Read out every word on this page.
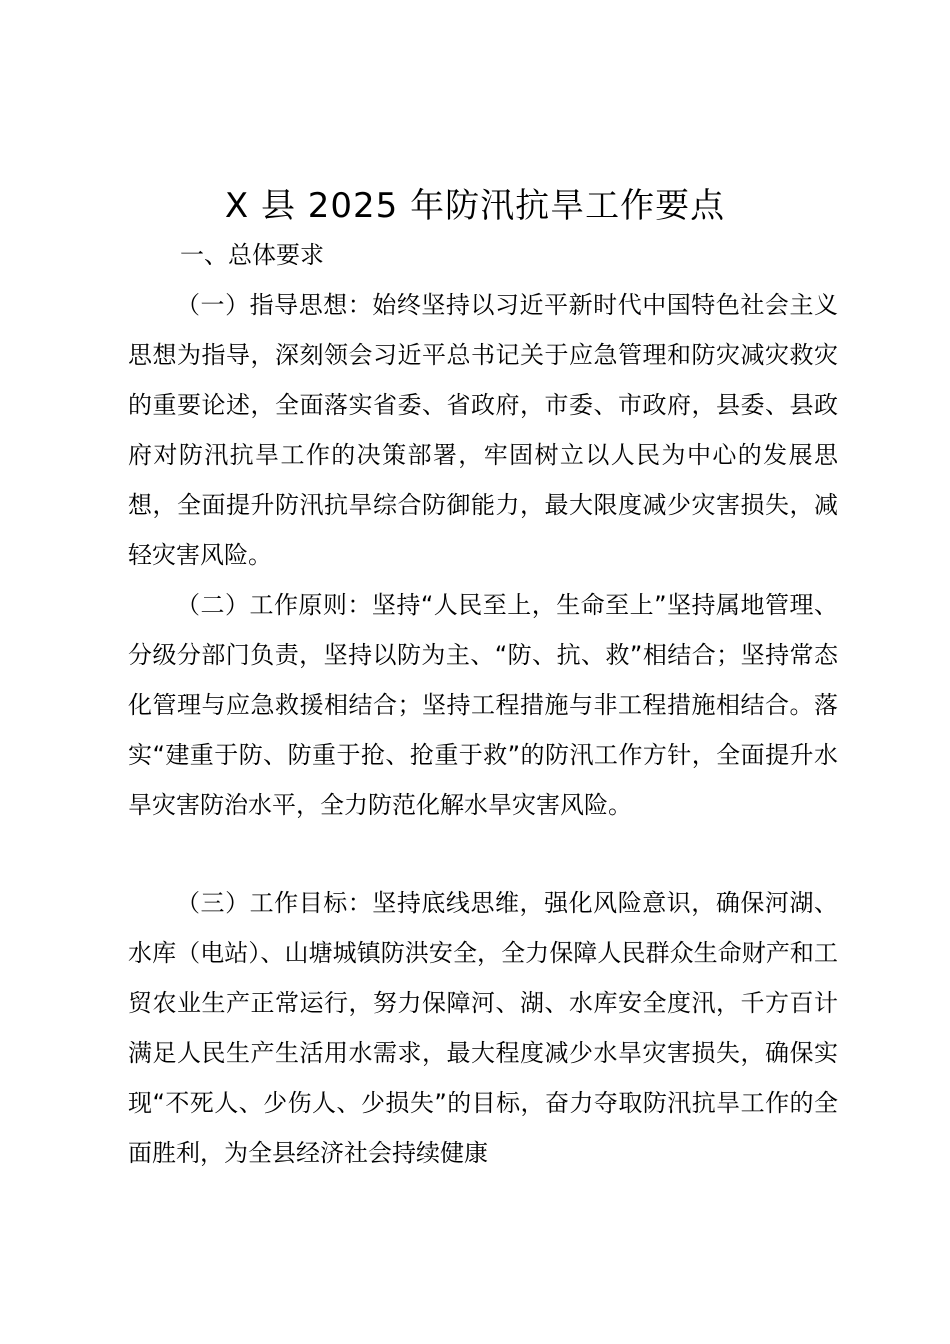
X 县 2025 年防汛抗旱工作要点
一、总体要求

（一）指导思想：始终坚持以习近平新时代中国特色社会主义思想为指导，深刻领会习近平总书记关于应急管理和防灾减灾救灾的重要论述，全面落实省委、省政府，市委、市政府，县委、县政府对防汛抗旱工作的决策部署，牢固树立以人民为中心的发展思想，全面提升防汛抗旱综合防御能力，最大限度减少灾害损失，减轻灾害风险。

（二）工作原则：坚持“人民至上，生命至上”坚持属地管理、分级分部门负责，坚持以防为主、“防、抗、救”相结合；坚持常态化管理与应急救援相结合；坚持工程措施与非工程措施相结合。落实“建重于防、防重于抢、抢重于救”的防汛工作方针，全面提升水旱灾害防治水平，全力防范化解水旱灾害风险。

（三）工作目标：坚持底线思维，强化风险意识，确保河湖、水库（电站）、山塘城镇防洪安全，全力保障人民群众生命财产和工贸农业生产正常运行，努力保障河、湖、水库安全度汛，千方百计满足人民生产生活用水需求，最大程度减少水旱灾害损失，确保实现“不死人、少伤人、少损失”的目标，奋力夺取防汛抗旱工作的全面胜利，为全县经济社会持续健康
